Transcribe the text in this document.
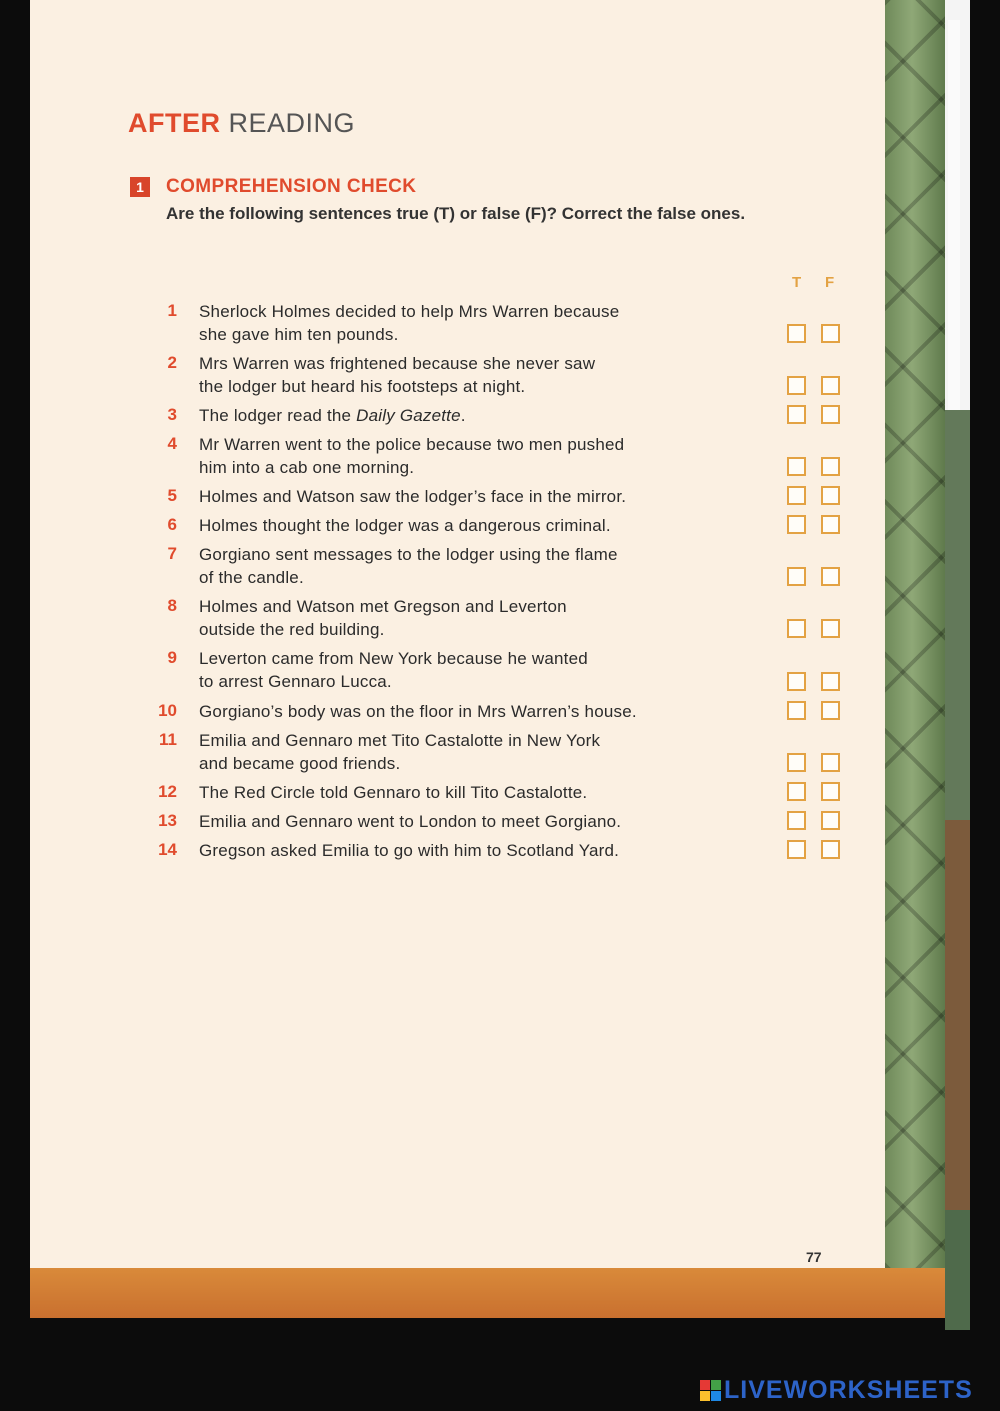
AFTER READING
1	COMPREHENSION CHECK
Are the following sentences true (T) or false (F)? Correct the false ones.
T F
1 Sherlock Holmes decided to help Mrs Warren because
she gave him ten pounds.
2 Mrs Warren was frightened because she never saw
the lodger but heard his footsteps at night.
3 The lodger read the Daily Gazette.
4 Mr Warren went to the police because two men pushed
him into a cab one morning.
5 Holmes and Watson saw the lodger’s face in the mirror.
6 Holmes thought the lodger was a dangerous criminal.
7 Gorgiano sent messages to the lodger using the flame
of the candle.
8 Holmes and Watson met Gregson and Leverton
outside the red building.
9 Leverton came from New York because he wanted
to arrest Gennaro Lucca.
10 Gorgiano’s body was on the floor in Mrs Warren’s house.
11 Emilia and Gennaro met Tito Castalotte in New York
and became good friends.
12 The Red Circle told Gennaro to kill Tito Castalotte.
13 Emilia and Gennaro went to London to meet Gorgiano.
14 Gregson asked Emilia to go with him to Scotland Yard.
77
LIVEWORKSHEETS
